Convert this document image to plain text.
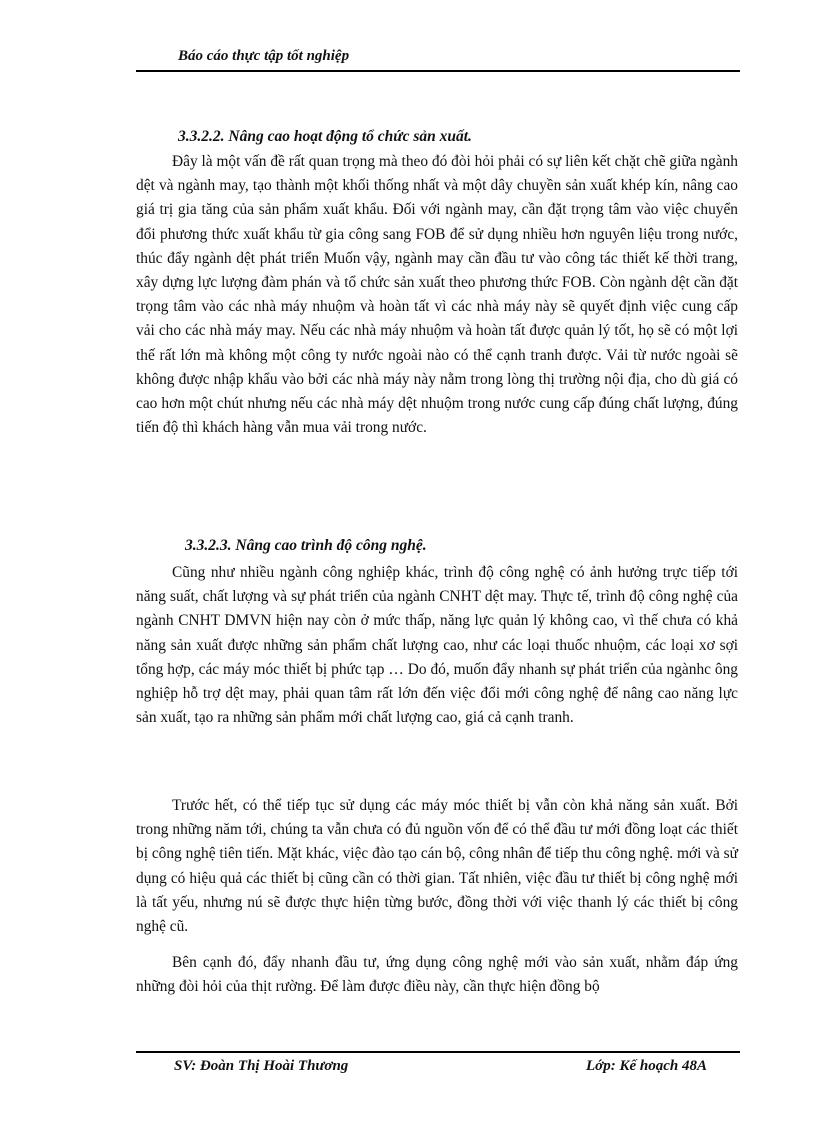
Báo cáo thực tập tốt nghiệp
3.3.2.2. Nâng cao hoạt động tổ chức sản xuất.
Đây là một vấn đề rất quan trọng mà theo đó đòi hỏi phải có sự liên kết chặt chẽ giữa ngành dệt và ngành may, tạo thành một khối thống nhất và một dây chuyền sản xuất khép kín, nâng cao giá trị gia tăng của sản phẩm xuất khẩu. Đối với ngành may, cần đặt trọng tâm vào việc chuyển đổi phương thức xuất khẩu từ gia công sang FOB để sử dụng nhiều hơn nguyên liệu trong nước, thúc đẩy ngành dệt phát triển Muốn vậy, ngành may cần đầu tư vào công tác thiết kế thời trang, xây dựng lực lượng đàm phán và tổ chức sản xuất theo phương thức FOB. Còn ngành dệt cần đặt trọng tâm vào các nhà máy nhuộm và hoàn tất vì các nhà máy này sẽ quyết định việc cung cấp vải cho các nhà máy may. Nếu các nhà máy nhuộm và hoàn tất được quản lý tốt, họ sẽ có một lợi thế rất lớn mà không một công ty nước ngoài nào có thể cạnh tranh được. Vải từ nước ngoài sẽ không được nhập khẩu vào bởi các nhà máy này nằm trong lòng thị trường nội địa, cho dù giá có cao hơn một chút nhưng nếu các nhà máy dệt nhuộm trong nước cung cấp đúng chất lượng, đúng tiến độ thì khách hàng vẫn mua vải trong nước.
3.3.2.3. Nâng cao trình độ công nghệ.
Cũng như nhiều ngành công nghiệp khác, trình độ công nghệ có ảnh hưởng trực tiếp tới năng suất, chất lượng và sự phát triển của ngành CNHT dệt may. Thực tế, trình độ công nghệ của ngành CNHT DMVN hiện nay còn ở mức thấp, năng lực quản lý không cao, vì thế chưa có khả năng sản xuất được những sản phẩm chất lượng cao, như các loại thuốc nhuộm, các loại xơ sợi tổng hợp, các máy móc thiết bị phức tạp … Do đó, muốn đẩy nhanh sự phát triển của ngànhc ông nghiệp hỗ trợ dệt may, phải quan tâm rất lớn đến việc đổi mới công nghệ để nâng cao năng lực sản xuất, tạo ra những sản phẩm mới chất lượng cao, giá cả cạnh tranh.
Trước hết, có thể tiếp tục sử dụng các máy móc thiết bị vẫn còn khả năng sản xuất. Bởi trong những năm tới, chúng ta vẫn chưa có đủ nguồn vốn để có thể đầu tư mới đồng loạt các thiết bị công nghệ tiên tiến. Mặt khác, việc đào tạo cán bộ, công nhân để tiếp thu công nghệ. mới và sử dụng có hiệu quả các thiết bị cũng cần có thời gian. Tất nhiên, việc đầu tư thiết bị công nghệ mới là tất yếu, nhưng nú sẽ được thực hiện từng bước, đồng thời với việc thanh lý các thiết bị công nghệ cũ.
Bên cạnh đó, đẩy nhanh đầu tư, ứng dụng công nghệ mới vào sản xuất, nhằm đáp ứng những đòi hỏi của thịt rường. Để làm được điều này, cần thực hiện đồng bộ
SV: Đoàn Thị Hoài Thương	Lớp: Kế hoạch 48A
